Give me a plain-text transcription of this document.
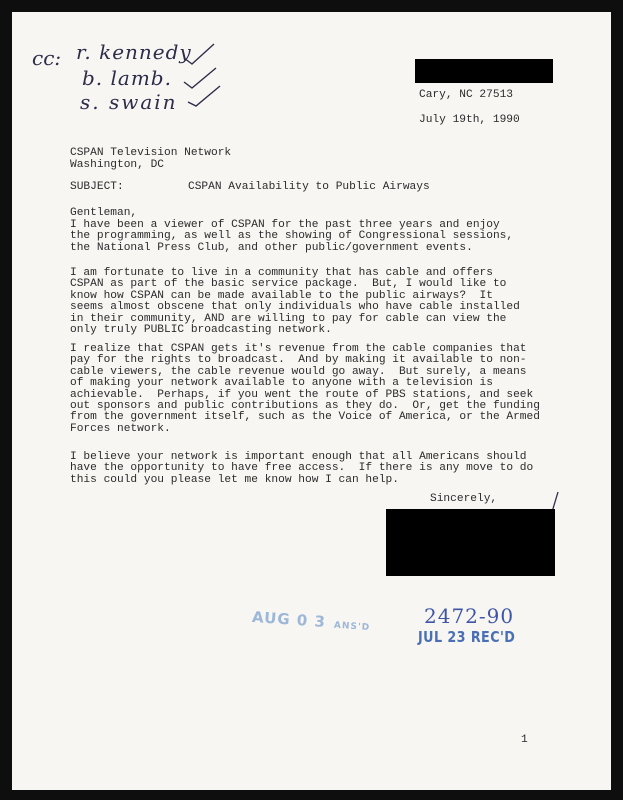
cc: r. kennedy
b. lamb.
s. swain	Cary, NC 27513
July 19th, 1990
CSPAN Television Network
Washington, DC
SUBJECT:	CSPAN Availability to Public Airways
Gentleman,
I have been a viewer of CSPAN for the past three years and enjoy
the programming, as well as the showing of Congressional sessions,
the National Press Club, and other public/government events.
I am fortunate to live in a community that has cable and offers
CSPAN as part of the basic service package.  But, I would like to
know how CSPAN can be made available to the public airways?  It
seems almost obscene that only individuals who have cable installed
in their community, AND are willing to pay for cable can view the
only truly PUBLIC broadcasting network.
I realize that CSPAN gets it's revenue from the cable companies that
pay for the rights to broadcast.  And by making it available to non-
cable viewers, the cable revenue would go away.  But surely, a means
of making your network available to anyone with a television is
achievable.  Perhaps, if you went the route of PBS stations, and seek
out sponsors and public contributions as they do.  Or, get the funding
from the government itself, such as the Voice of America, or the Armed
Forces network.
I believe your network is important enough that all Americans should
have the opportunity to have free access.  If there is any move to do
this could you please let me know how I can help.
Sincerely,
AUG 0 3 ANS'D	2472-90
JUL 23 REC'D
1
